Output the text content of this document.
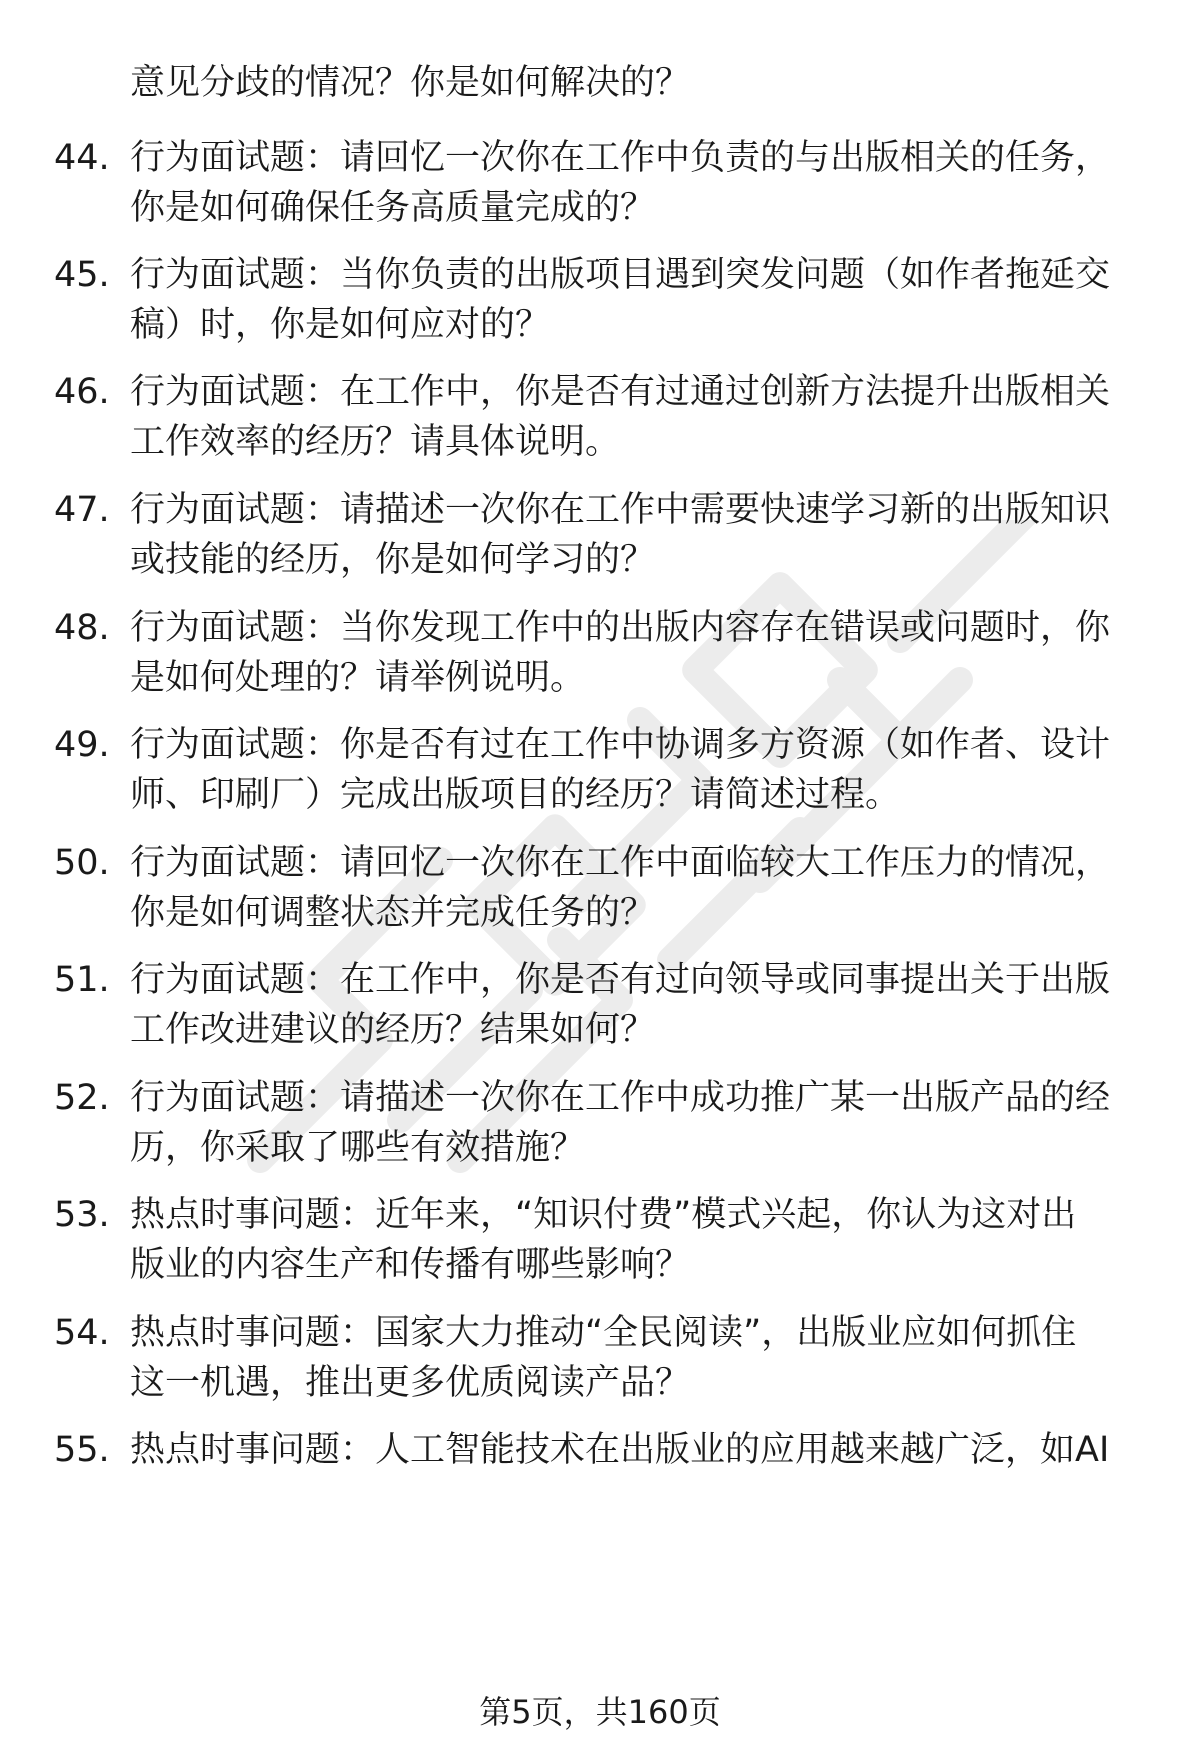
意见分歧的情况？你是如何解决的？
44. 行为面试题：请回忆一次你在工作中负责的与出版相关的任务，
你是如何确保任务高质量完成的？
45. 行为面试题：当你负责的出版项目遇到突发问题（如作者拖延交
稿）时，你是如何应对的？
46. 行为面试题：在工作中，你是否有过通过创新方法提升出版相关
工作效率的经历？请具体说明。
47. 行为面试题：请描述一次你在工作中需要快速学习新的出版知识
或技能的经历，你是如何学习的？
48. 行为面试题：当你发现工作中的出版内容存在错误或问题时，你
是如何处理的？请举例说明。
49. 行为面试题：你是否有过在工作中协调多方资源（如作者、设计
师、印刷厂）完成出版项目的经历？请简述过程。
50. 行为面试题：请回忆一次你在工作中面临较大工作压力的情况，
你是如何调整状态并完成任务的？
51. 行为面试题：在工作中，你是否有过向领导或同事提出关于出版
工作改进建议的经历？结果如何？
52. 行为面试题：请描述一次你在工作中成功推广某一出版产品的经
历，你采取了哪些有效措施？
53. 热点时事问题：近年来，“知识付费”模式兴起，你认为这对出
版业的内容生产和传播有哪些影响？
54. 热点时事问题：国家大力推动“全民阅读”，出版业应如何抓住
这一机遇，推出更多优质阅读产品？
55. 热点时事问题：人工智能技术在出版业的应用越来越广泛，如AI
第5页，共160页
